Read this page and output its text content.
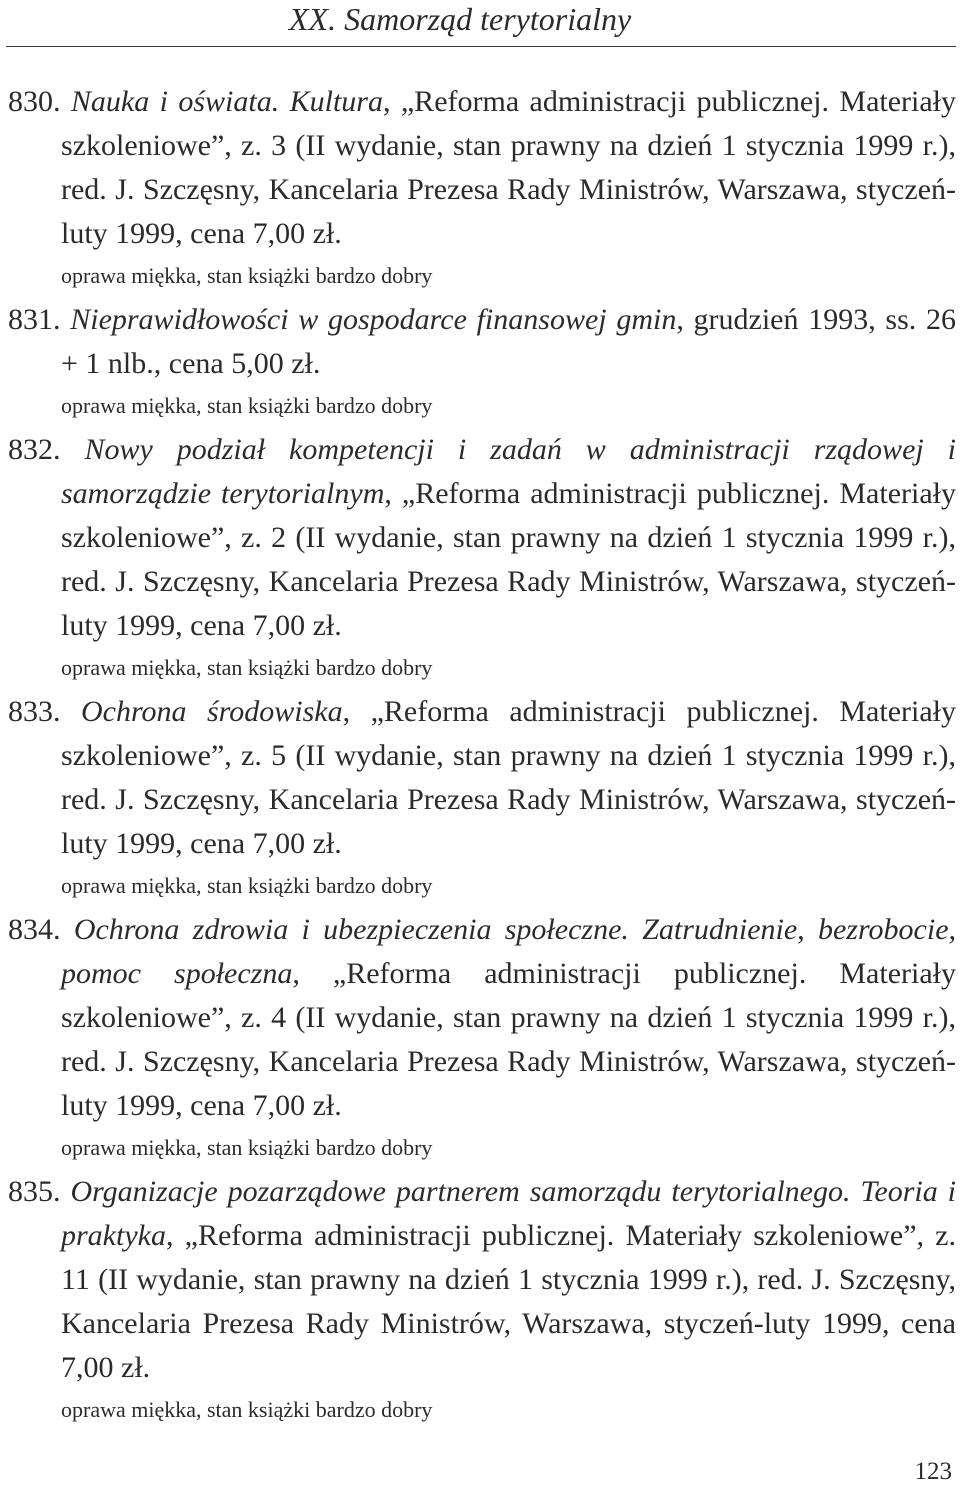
XX. Samorząd terytorialny
830. Nauka i oświata. Kultura, „Reforma administracji publicznej. Materiały szkoleniowe”, z. 3 (II wydanie, stan prawny na dzień 1 stycznia 1999 r.), red. J. Szczęsny, Kancelaria Prezesa Rady Ministrów, Warszawa, styczeń-luty 1999, cena 7,00 zł.
oprawa miękka, stan książki bardzo dobry
831. Nieprawidłowości w gospodarce finansowej gmin, grudzień 1993, ss. 26 + 1 nlb., cena 5,00 zł.
oprawa miękka, stan książki bardzo dobry
832. Nowy podział kompetencji i zadań w administracji rządowej i samorządzie terytorialnym, „Reforma administracji publicznej. Materiały szkoleniowe”, z. 2 (II wydanie, stan prawny na dzień 1 stycznia 1999 r.), red. J. Szczęsny, Kancelaria Prezesa Rady Ministrów, Warszawa, styczeń-luty 1999, cena 7,00 zł.
oprawa miękka, stan książki bardzo dobry
833. Ochrona środowiska, „Reforma administracji publicznej. Materiały szkoleniowe”, z. 5 (II wydanie, stan prawny na dzień 1 stycznia 1999 r.), red. J. Szczęsny, Kancelaria Prezesa Rady Ministrów, Warszawa, styczeń-luty 1999, cena 7,00 zł.
oprawa miękka, stan książki bardzo dobry
834. Ochrona zdrowia i ubezpieczenia społeczne. Zatrudnienie, bezrobocie, pomoc społeczna, „Reforma administracji publicznej. Materiały szkoleniowe”, z. 4 (II wydanie, stan prawny na dzień 1 stycznia 1999 r.), red. J. Szczęsny, Kancelaria Prezesa Rady Ministrów, Warszawa, styczeń-luty 1999, cena 7,00 zł.
oprawa miękka, stan książki bardzo dobry
835. Organizacje pozarządowe partnerem samorządu terytorialnego. Teoria i praktyka, „Reforma administracji publicznej. Materiały szkoleniowe”, z. 11 (II wydanie, stan prawny na dzień 1 stycznia 1999 r.), red. J. Szczęsny, Kancelaria Prezesa Rady Ministrów, Warszawa, styczeń-luty 1999, cena 7,00 zł.
oprawa miękka, stan książki bardzo dobry
123
